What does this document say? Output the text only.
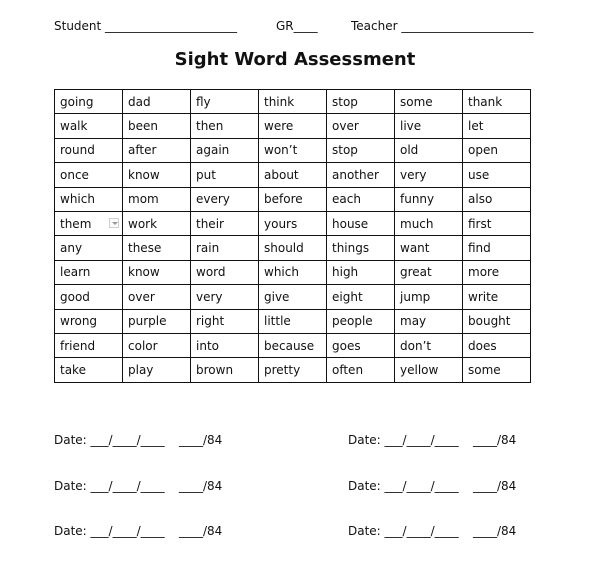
Student ______________________	GR____	Teacher ______________________
Sight Word Assessment
going	dad	fly	think	stop	some	thank
walk	been	then	were	over	live	let
round	after	again	won’t	stop	old	open
once	know	put	about	another	very	use
which	mom	every	before	each	funny	also
them	work	their	yours	house	much	first
any	these	rain	should	things	want	find
learn	know	word	which	high	great	more
good	over	very	give	eight	jump	write
wrong	purple	right	little	people	may	bought
friend	color	into	because	goes	don’t	does
take	play	brown	pretty	often	yellow	some
Date: ___/____/____ ____/84	Date: ___/____/____ ____/84
Date: ___/____/____ ____/84	Date: ___/____/____ ____/84
Date: ___/____/____ ____/84	Date: ___/____/____ ____/84
